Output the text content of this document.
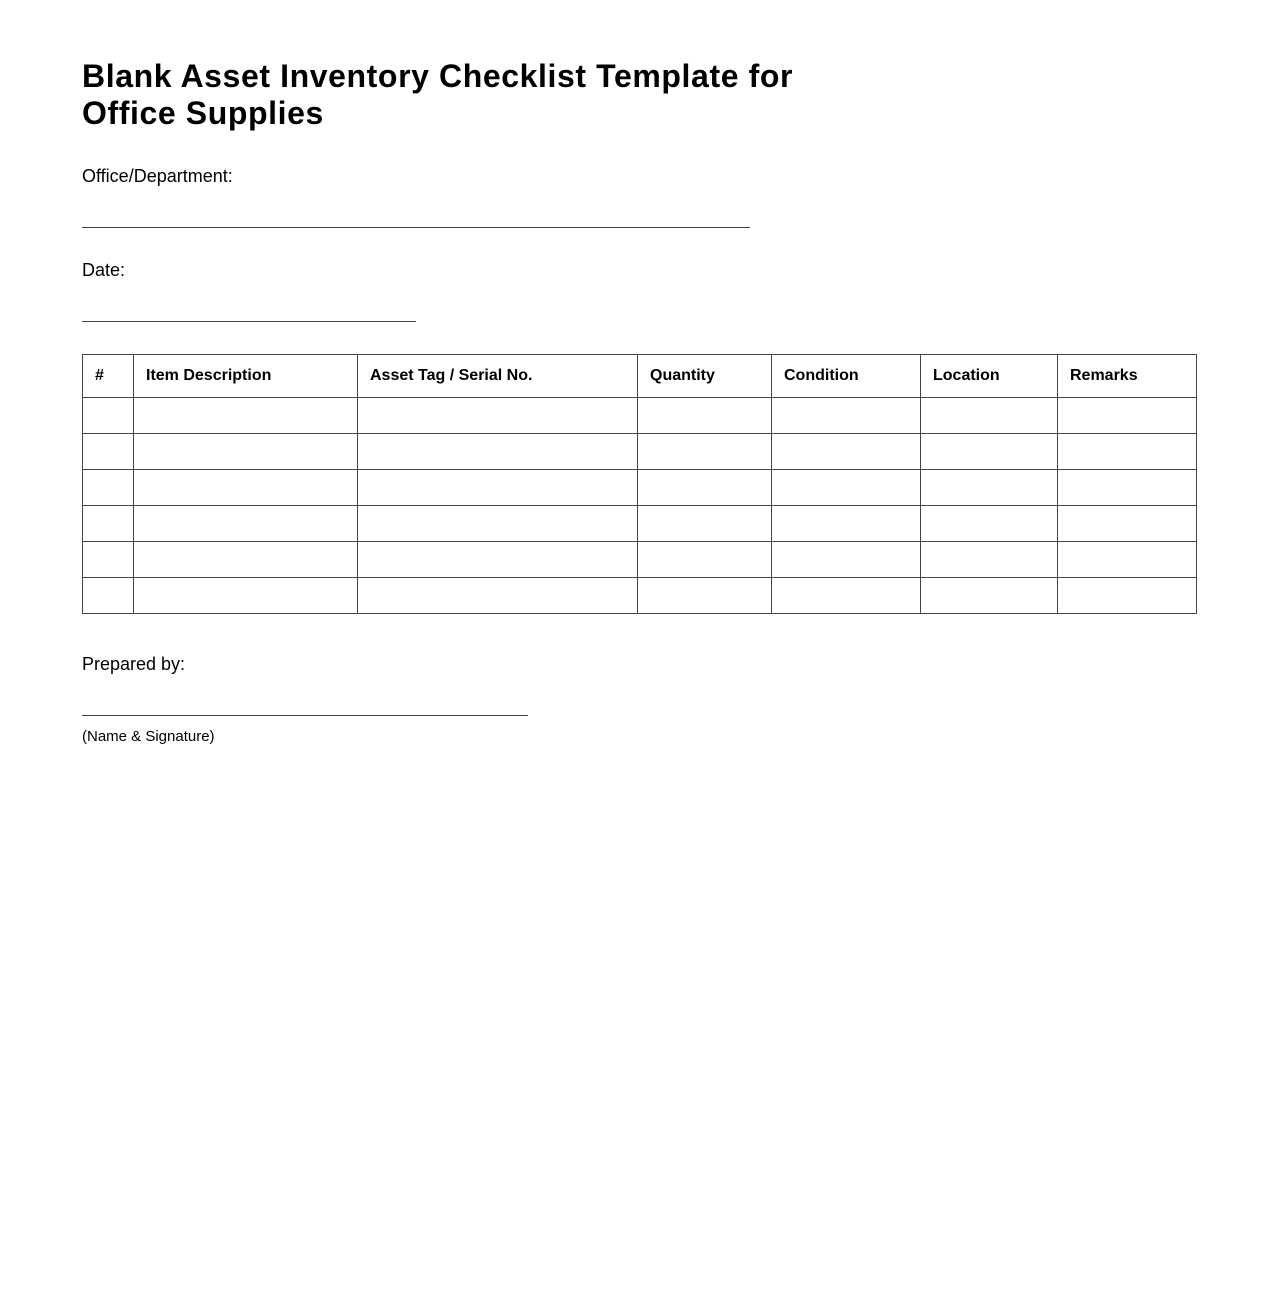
Blank Asset Inventory Checklist Template for Office Supplies
Office/Department:
Date:
#	Item Description	Asset Tag / Serial No.	Quantity	Condition	Location	Remarks

Prepared by:
(Name & Signature)
